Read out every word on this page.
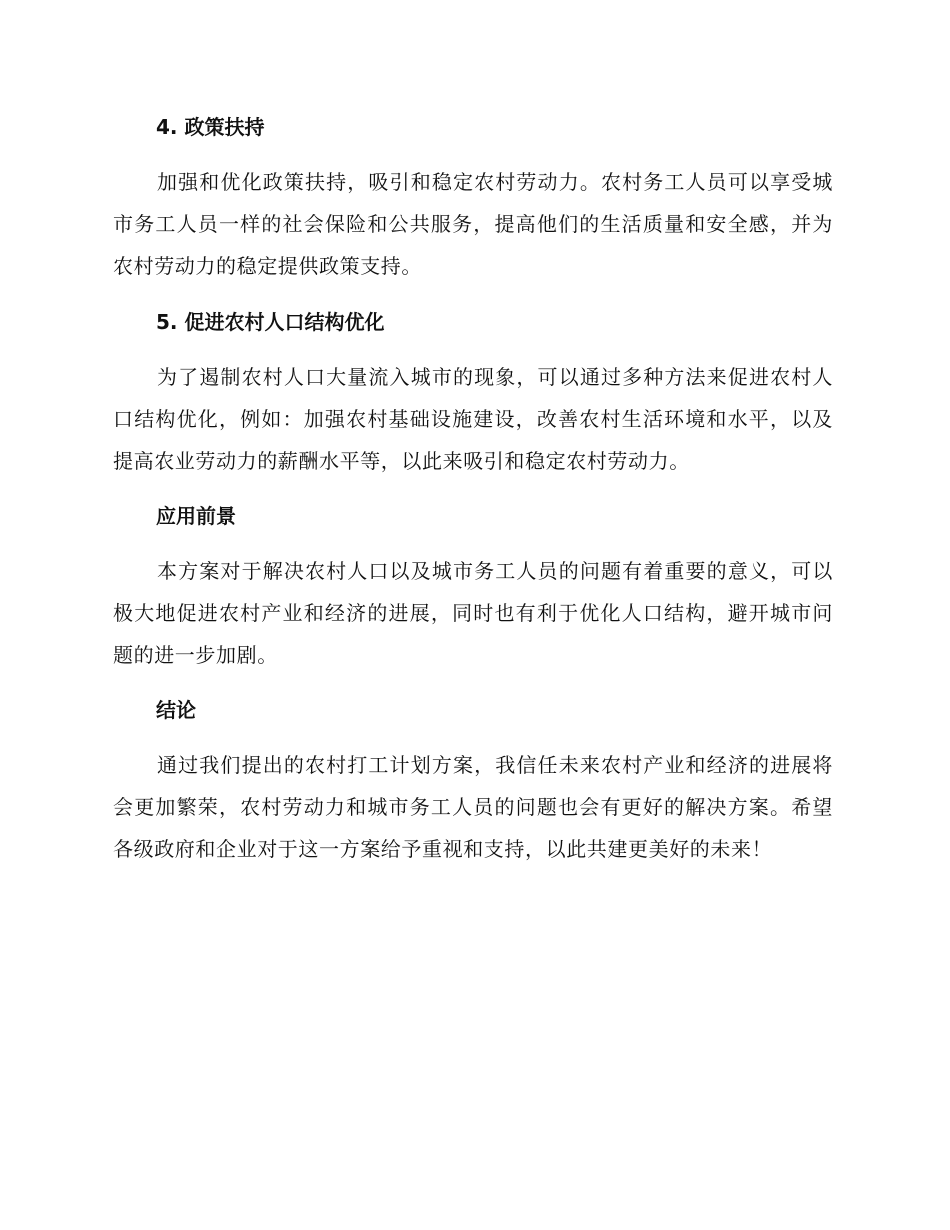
4. 政策扶持
加强和优化政策扶持，吸引和稳定农村劳动力。农村务工人员可以享受城市务工人员一样的社会保险和公共服务，提高他们的生活质量和安全感，并为农村劳动力的稳定提供政策支持。
5. 促进农村人口结构优化
为了遏制农村人口大量流入城市的现象，可以通过多种方法来促进农村人口结构优化，例如：加强农村基础设施建设，改善农村生活环境和水平，以及提高农业劳动力的薪酬水平等，以此来吸引和稳定农村劳动力。
应用前景
本方案对于解决农村人口以及城市务工人员的问题有着重要的意义，可以极大地促进农村产业和经济的进展，同时也有利于优化人口结构，避开城市问题的进一步加剧。
结论
通过我们提出的农村打工计划方案，我信任未来农村产业和经济的进展将会更加繁荣，农村劳动力和城市务工人员的问题也会有更好的解决方案。希望各级政府和企业对于这一方案给予重视和支持，以此共建更美好的未来！
